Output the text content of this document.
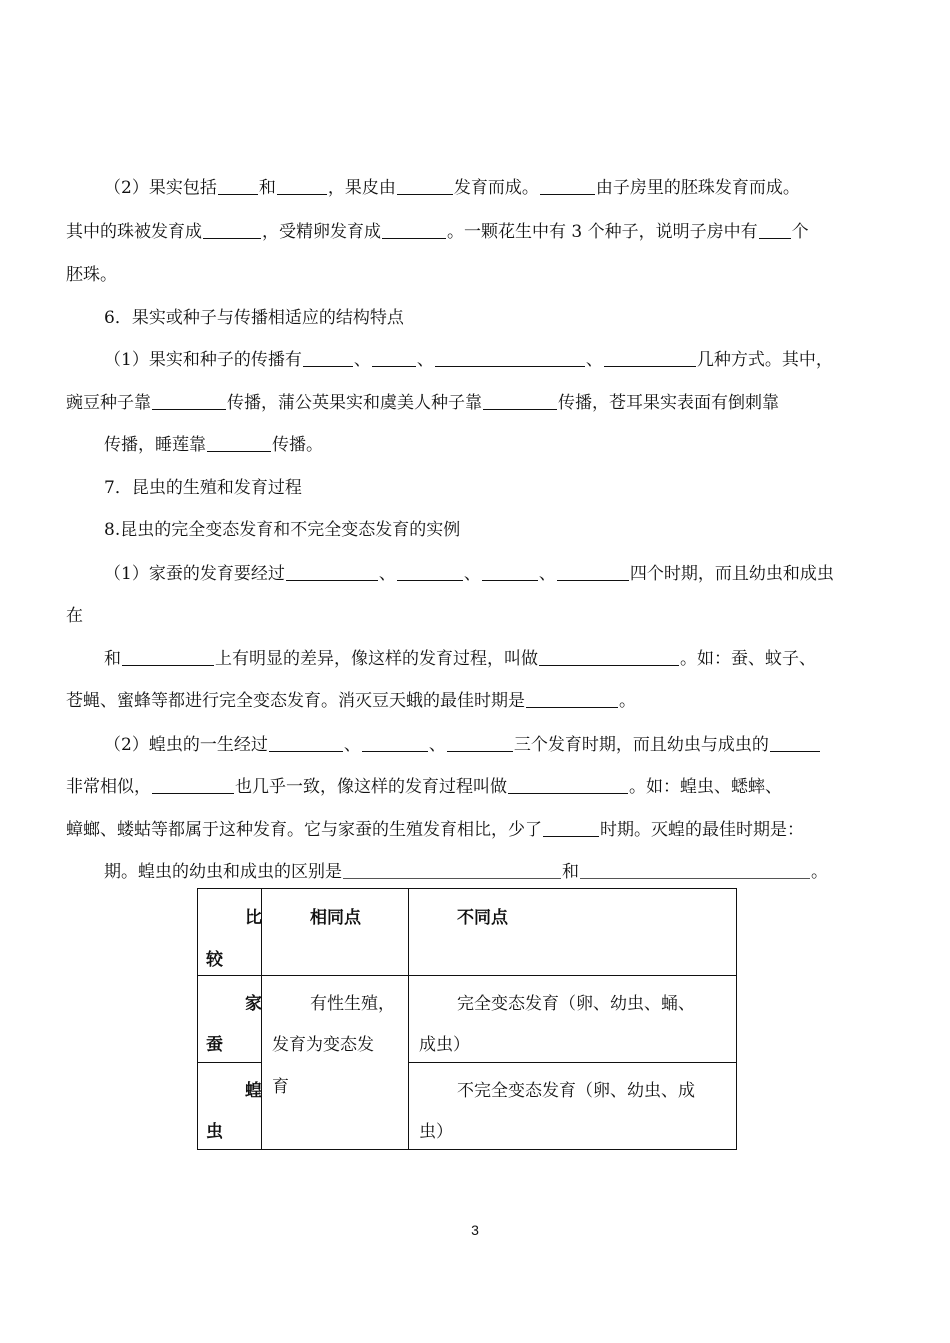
（2）果实包括 和	，果皮由	发育而成。	由子房里的胚珠发育而成。
其中的珠被发育成	，受精卵发育成	。一颗花生中有 3 个种子，说明子房中有 个
胚珠。
6．果实或种子与传播相适应的结构特点
（1）果实和种子的传播有	、	、	、	几种方式。其中，
豌豆种子靠	传播，蒲公英果实和虞美人种子靠	传播，苍耳果实表面有倒刺靠
传播，睡莲靠	传播。
7．昆虫的生殖和发育过程
8.昆虫的完全变态发育和不完全变态发育的实例
（1）家蚕的发育要经过	、	、	、	四个时期，而且幼虫和成虫
在
和	上有明显的差异，像这样的发育过程，叫做	。如：蚕、蚊子、
苍蝇、蜜蜂等都进行完全变态发育。消灭豆天蛾的最佳时期是	。
（2）蝗虫的一生经过	、	、	三个发育时期，而且幼虫与成虫的
非常相似，	也几乎一致，像这样的发育过程叫做	。如：蝗虫、蟋蟀、
蟑螂、蝼蛄等都属于这种发育。它与家蚕的生殖发育相比，少了	时期。灭蝗的最佳时期是：
期。蝗虫的幼虫和成虫的区别是	和	。
比
较	相同点	不同点

家
蚕	有性生殖，
发育为变态发
育	完全变态发育（卵、幼虫、蛹、
成虫）

蝗
虫		不完全变态发育（卵、幼虫、成
虫）
3
